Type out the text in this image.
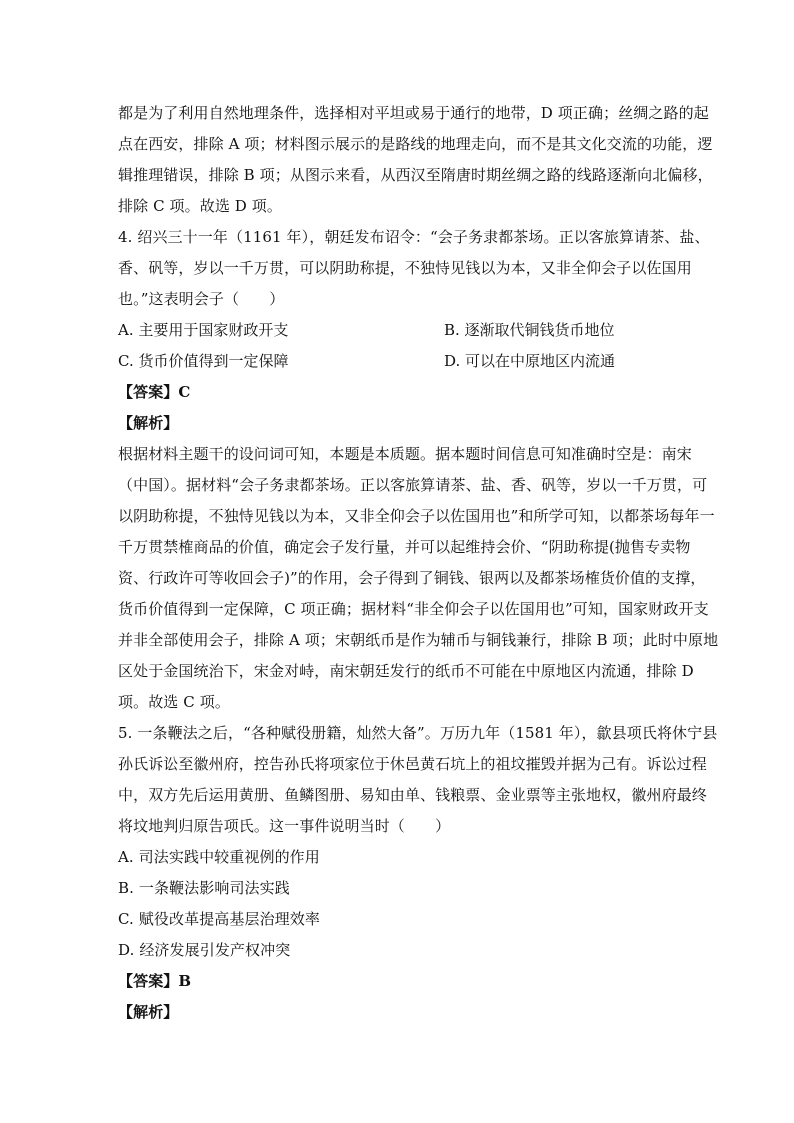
都是为了利用自然地理条件，选择相对平坦或易于通行的地带，D 项正确；丝绸之路的起
点在西安，排除 A 项；材料图示展示的是路线的地理走向，而不是其文化交流的功能，逻
辑推理错误，排除 B 项；从图示来看，从西汉至隋唐时期丝绸之路的线路逐渐向北偏移，
排除 C 项。故选 D 项。
4. 绍兴三十一年（1161 年），朝廷发布诏令：“会子务隶都茶场。正以客旅算请茶、盐、
香、矾等，岁以一千万贯，可以阴助称提，不独恃见钱以为本，又非全仰会子以佐国用
也。”这表明会子（　　）
A. 主要用于国家财政开支	B. 逐渐取代铜钱货币地位
C. 货币价值得到一定保障	D. 可以在中原地区内流通
【答案】C
【解析】
根据材料主题干的设问词可知，本题是本质题。据本题时间信息可知准确时空是：南宋
（中国）。据材料“会子务隶都茶场。正以客旅算请茶、盐、香、矾等，岁以一千万贯，可
以阴助称提，不独恃见钱以为本，又非全仰会子以佐国用也”和所学可知，以都茶场每年一
千万贯禁榷商品的价值，确定会子发行量，并可以起维持会价、“阴助称提(抛售专卖物
资、行政许可等收回会子)”的作用，会子得到了铜钱、银两以及都茶场榷货价值的支撑，
货币价值得到一定保障，C 项正确；据材料“非全仰会子以佐国用也”可知，国家财政开支
并非全部使用会子，排除 A 项；宋朝纸币是作为辅币与铜钱兼行，排除 B 项；此时中原地
区处于金国统治下，宋金对峙，南宋朝廷发行的纸币不可能在中原地区内流通，排除 D
项。故选 C 项。
5. 一条鞭法之后，“各种赋役册籍，灿然大备”。万历九年（1581 年），歙县项氏将休宁县
孙氏诉讼至徽州府，控告孙氏将项家位于休邑黄石坑上的祖坟摧毁并据为己有。诉讼过程
中，双方先后运用黄册、鱼鳞图册、易知由单、钱粮票、金业票等主张地权，徽州府最终
将坟地判归原告项氏。这一事件说明当时（　　）
A. 司法实践中较重视例的作用
B. 一条鞭法影响司法实践
C. 赋役改革提高基层治理效率
D. 经济发展引发产权冲突
【答案】B
【解析】
